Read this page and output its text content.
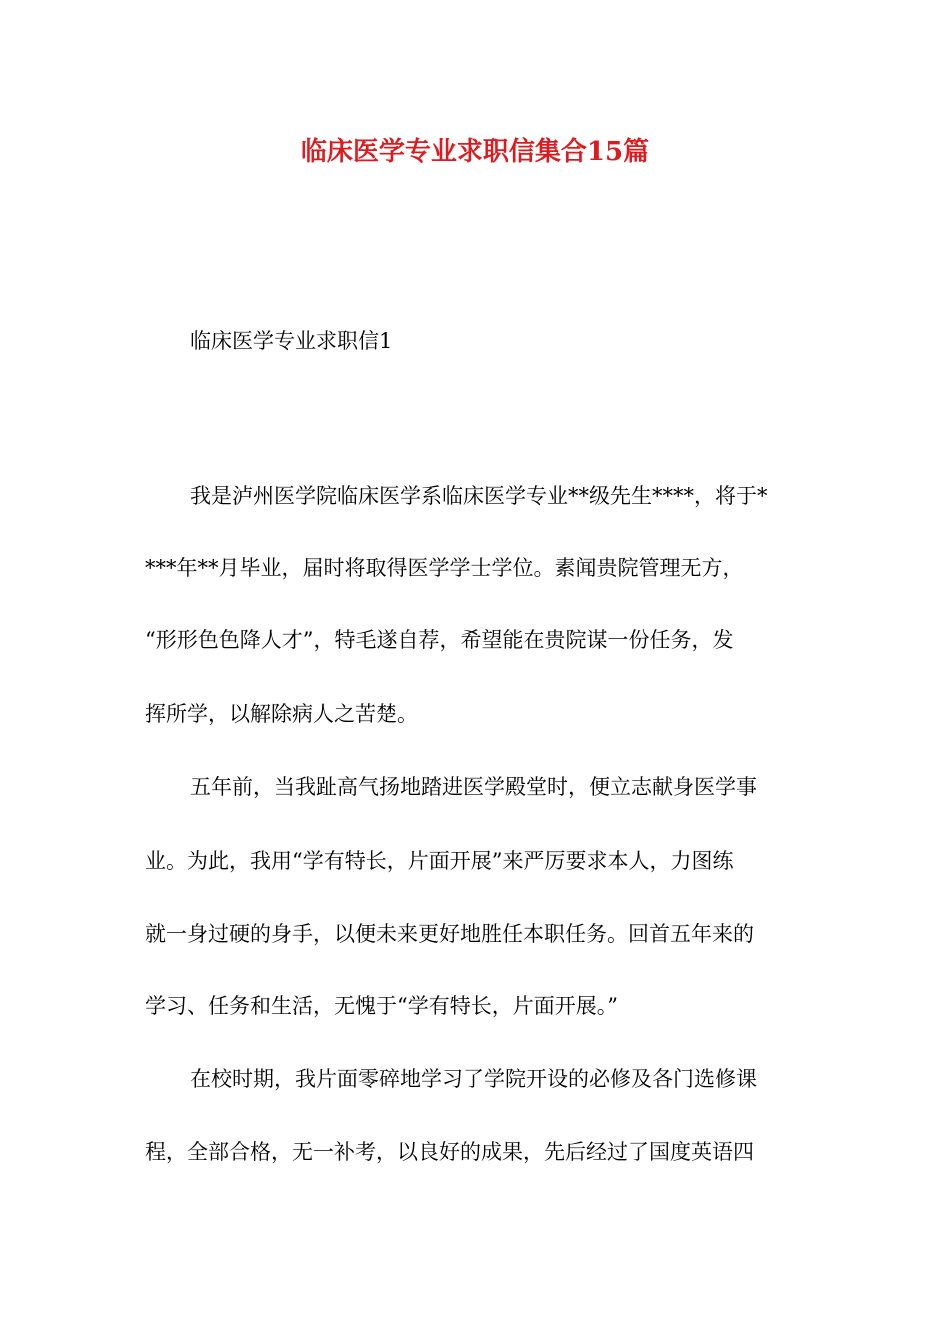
临床医学专业求职信集合15篇
临床医学专业求职信1
我是泸州医学院临床医学系临床医学专业**级先生****，将于*
***年**月毕业，届时将取得医学学士学位。素闻贵院管理无方，
“形形色色降人才”，特毛遂自荐，希望能在贵院谋一份任务，发
挥所学，以解除病人之苦楚。
五年前，当我趾高气扬地踏进医学殿堂时，便立志献身医学事
业。为此，我用“学有特长，片面开展”来严厉要求本人，力图练
就一身过硬的身手，以便未来更好地胜任本职任务。回首五年来的
学习、任务和生活，无愧于“学有特长，片面开展。”
在校时期，我片面零碎地学习了学院开设的必修及各门选修课
程，全部合格，无一补考，以良好的成果，先后经过了国度英语四
